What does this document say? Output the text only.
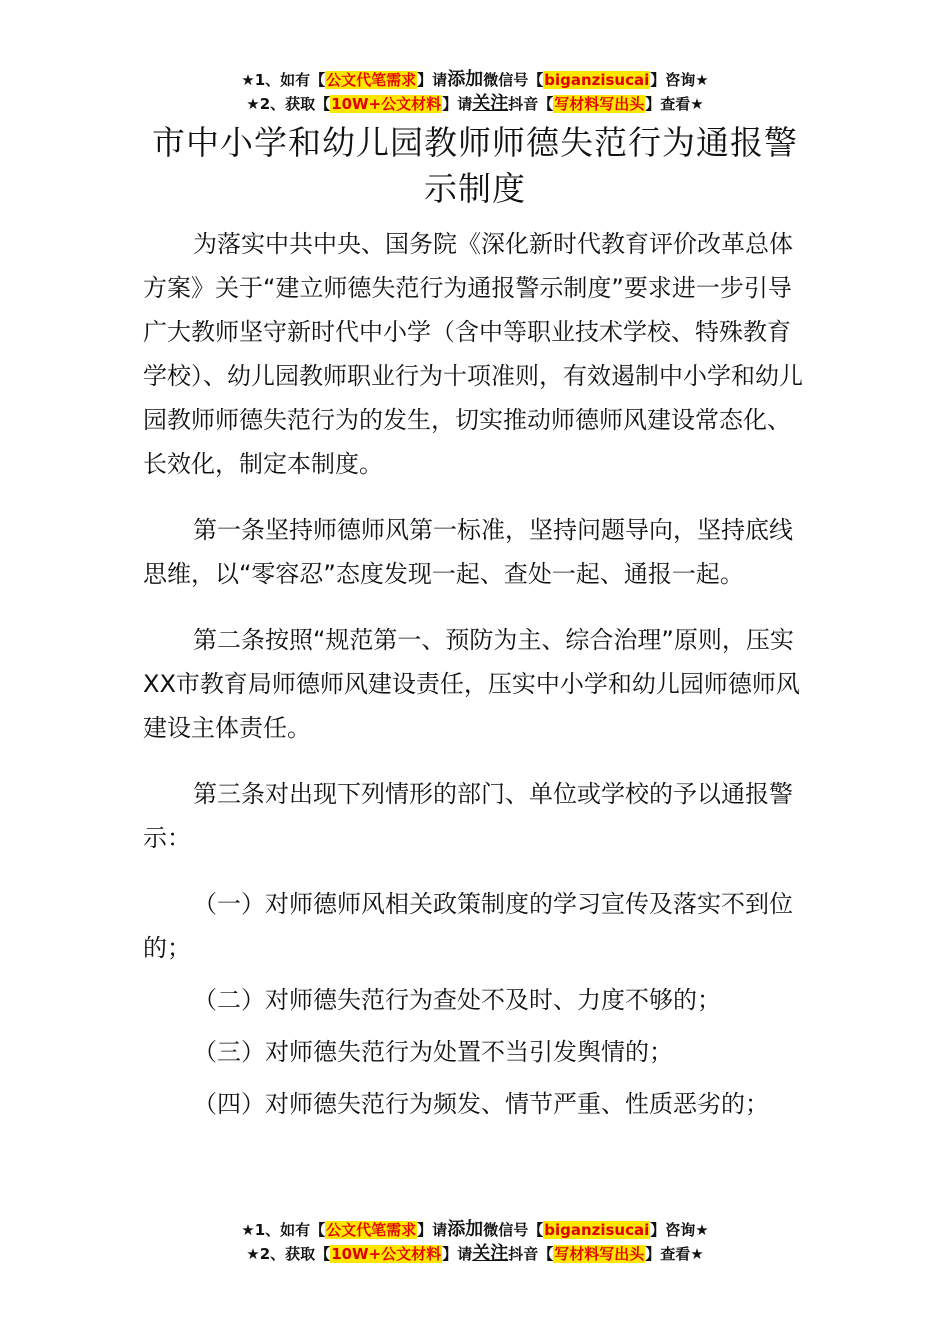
★1、如有【公文代笔需求】请添加微信号【biganzisucai】咨询★
★2、获取【10W+公文材料】请关注抖音【写材料写出头】查看★
市中小学和幼儿园教师师德失范行为通报警
示制度

为落实中共中央、国务院《深化新时代教育评价改革总体方案》关于“建立师德失范行为通报警示制度”要求进一步引导广大教师坚守新时代中小学（含中等职业技术学校、特殊教育学校）、幼儿园教师职业行为十项准则，有效遏制中小学和幼儿园教师师德失范行为的发生，切实推动师德师风建设常态化、长效化，制定本制度。

第一条坚持师德师风第一标准，坚持问题导向，坚持底线思维，以“零容忍”态度发现一起、查处一起、通报一起。

第二条按照“规范第一、预防为主、综合治理”原则，压实XX市教育局师德师风建设责任，压实中小学和幼儿园师德师风建设主体责任。

第三条对出现下列情形的部门、单位或学校的予以通报警示：

（一）对师德师风相关政策制度的学习宣传及落实不到位的；

（二）对师德失范行为查处不及时、力度不够的；

（三）对师德失范行为处置不当引发舆情的；

（四）对师德失范行为频发、情节严重、性质恶劣的；

★1、如有【公文代笔需求】请添加微信号【biganzisucai】咨询★
★2、获取【10W+公文材料】请关注抖音【写材料写出头】查看★
